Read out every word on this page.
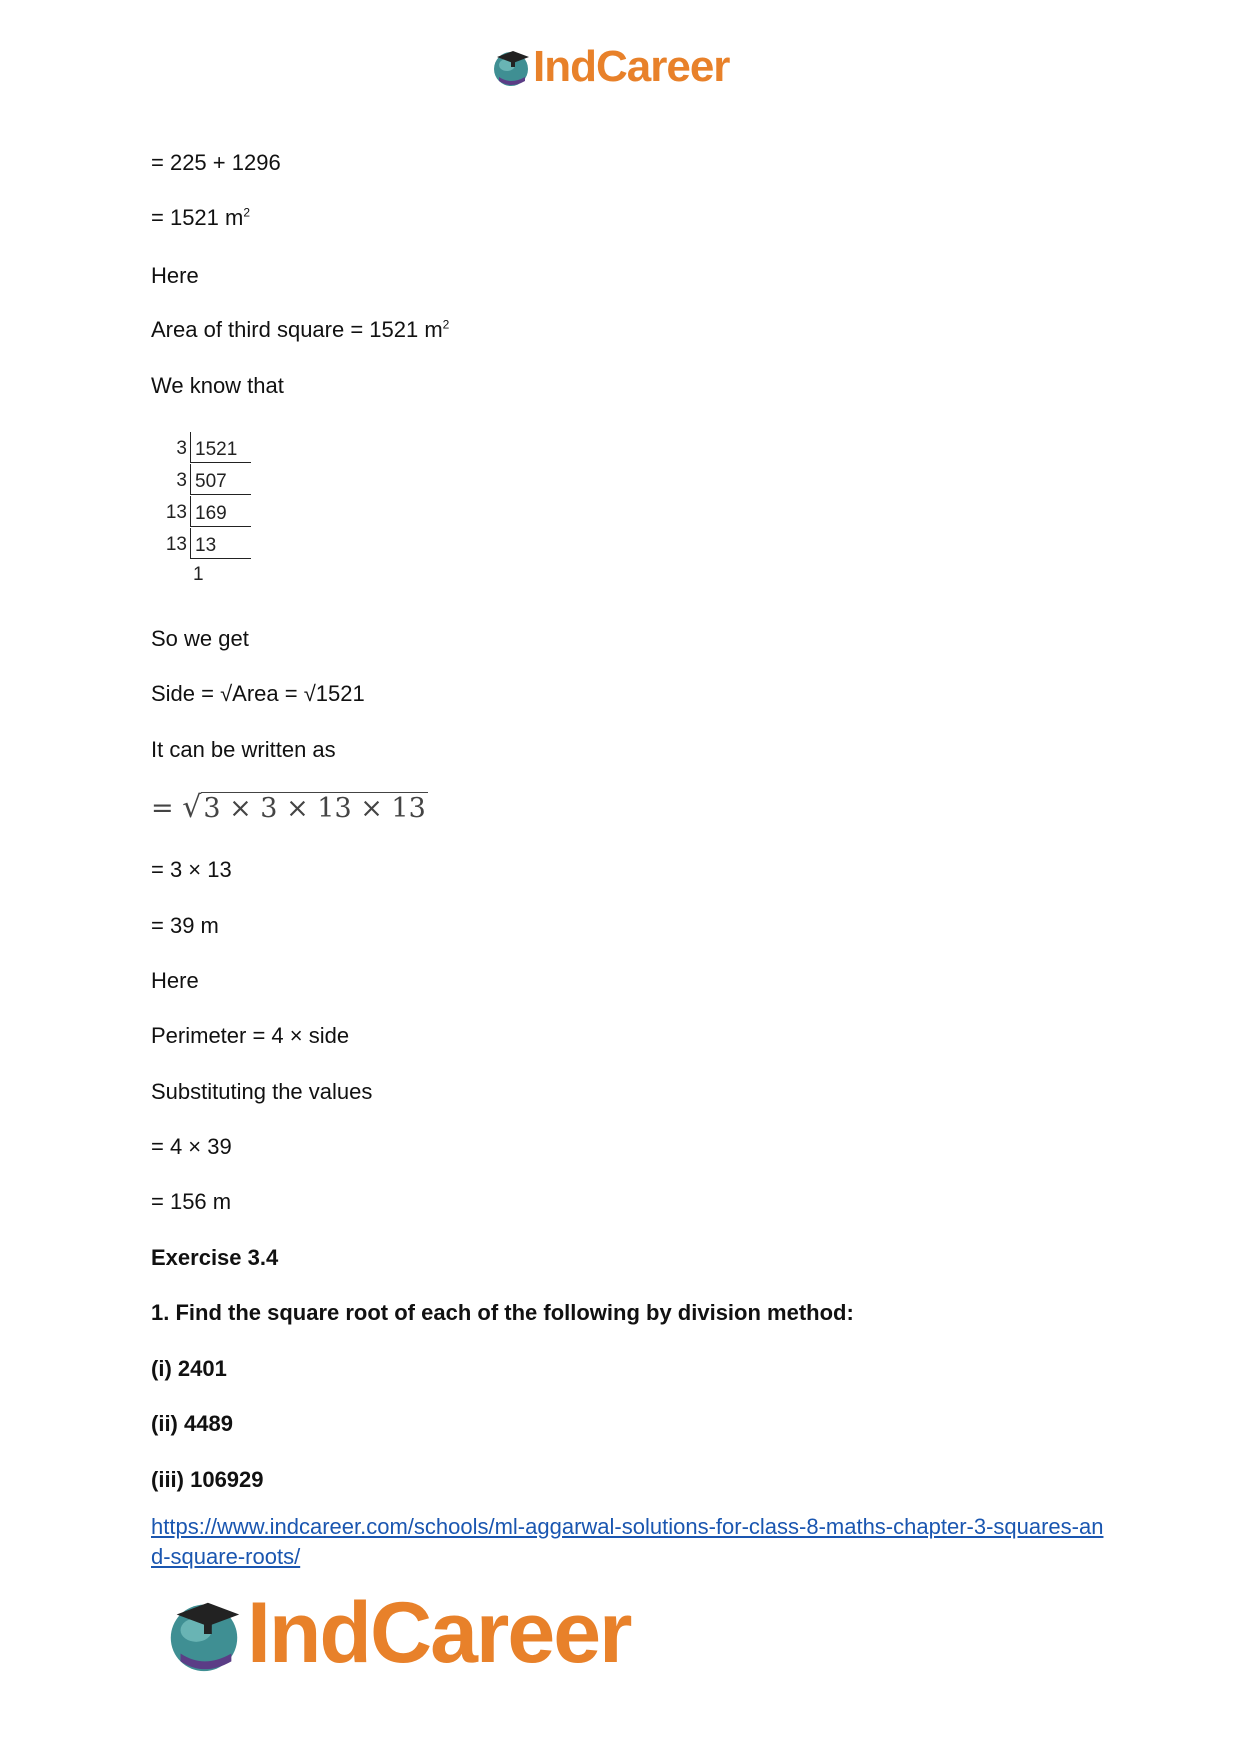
IndCareer
= 225 + 1296
= 1521 $m^2$
Here
Area of third square = 1521 $m^2$
We know that
3 1521
3 507
13 169
13 13
1
So we get
Side = √Area = √1521
It can be written as
= √3 × 3 × 13 × 13
= 3 × 13
= 39 m
Here
Perimeter = 4 × side
Substituting the values
= 4 × 39
= 156 m
Exercise 3.4
1. Find the square root of each of the following by division method:
(i) 2401
(ii) 4489
(iii) 106929
https://www.indcareer.com/schools/ml-aggarwal-solutions-for-class-8-maths-chapter-3-squares-and-square-roots/
IndCareer
